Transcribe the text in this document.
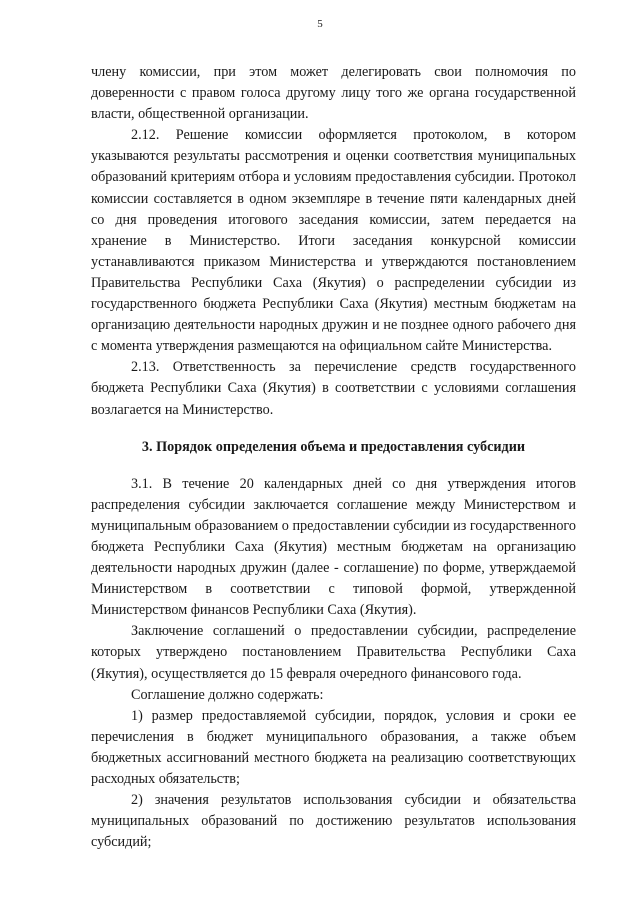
5

члену комиссии, при этом может делегировать свои полномочия по доверенности с правом голоса другому лицу того же органа государственной власти, общественной организации.

2.12. Решение комиссии оформляется протоколом, в котором указываются результаты рассмотрения и оценки соответствия муниципальных образований критериям отбора и условиям предоставления субсидии. Протокол комиссии составляется в одном экземпляре в течение пяти календарных дней со дня проведения итогового заседания комиссии, затем передается на хранение в Министерство. Итоги заседания конкурсной комиссии устанавливаются приказом Министерства и утверждаются постановлением Правительства Республики Саха (Якутия) о распределении субсидии из государственного бюджета Республики Саха (Якутия) местным бюджетам на организацию деятельности народных дружин и не позднее одного рабочего дня с момента утверждения размещаются на официальном сайте Министерства.

2.13. Ответственность за перечисление средств государственного бюджета Республики Саха (Якутия) в соответствии с условиями соглашения возлагается на Министерство.

3. Порядок определения объема и предоставления субсидии

3.1. В течение 20 календарных дней со дня утверждения итогов распределения субсидии заключается соглашение между Министерством и муниципальным образованием о предоставлении субсидии из государственного бюджета Республики Саха (Якутия) местным бюджетам на организацию деятельности народных дружин (далее - соглашение) по форме, утверждаемой Министерством в соответствии с типовой формой, утвержденной Министерством финансов Республики Саха (Якутия).

Заключение соглашений о предоставлении субсидии, распределение которых утверждено постановлением Правительства Республики Саха (Якутия), осуществляется до 15 февраля очередного финансового года.

Соглашение должно содержать:

1) размер предоставляемой субсидии, порядок, условия и сроки ее перечисления в бюджет муниципального образования, а также объем бюджетных ассигнований местного бюджета на реализацию соответствующих расходных обязательств;

2) значения результатов использования субсидии и обязательства муниципальных образований по достижению результатов использования субсидий;
